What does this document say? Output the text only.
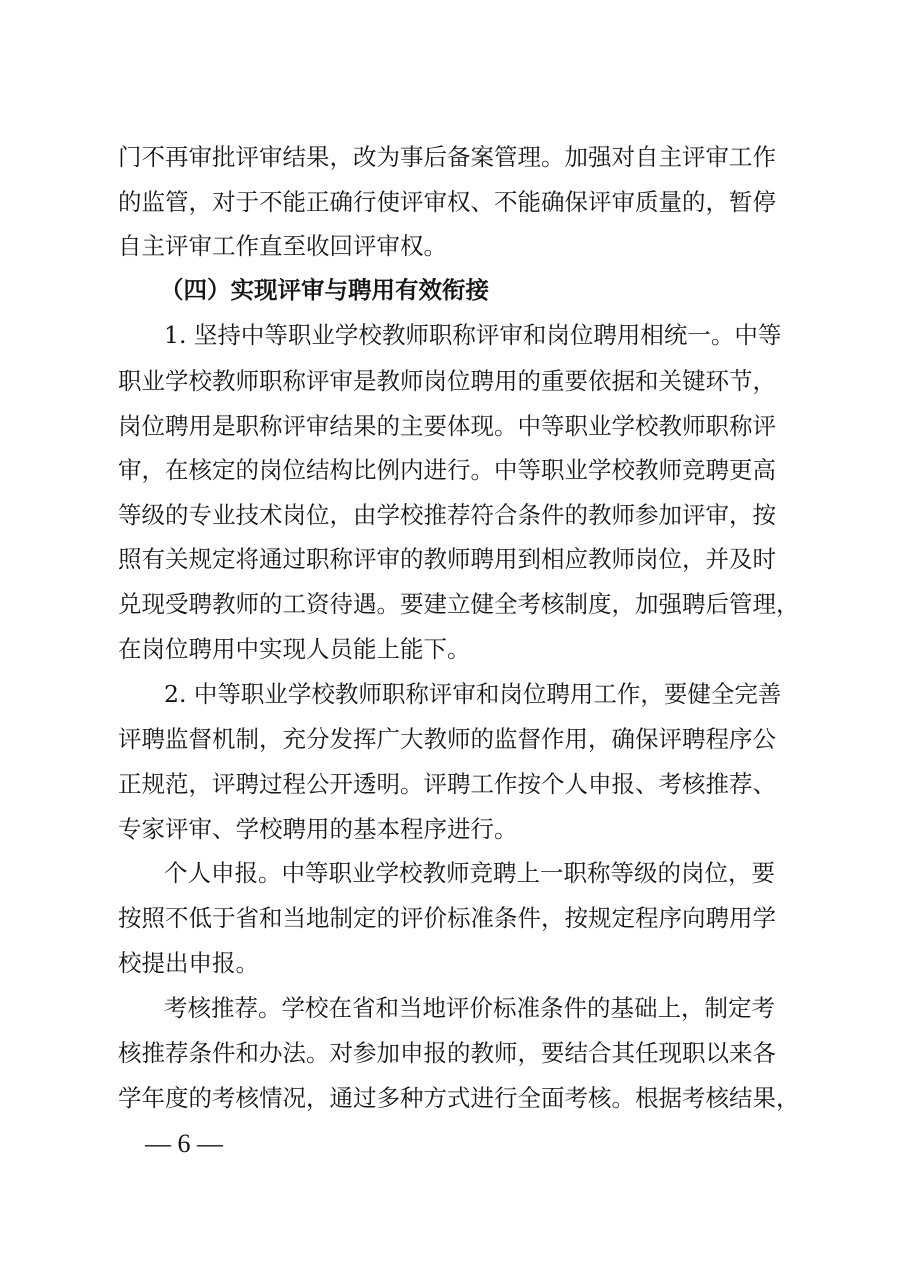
门不再审批评审结果，改为事后备案管理。加强对自主评审工作

的监管，对于不能正确行使评审权、不能确保评审质量的，暂停

自主评审工作直至收回评审权。

（四）实现评审与聘用有效衔接

1. 坚持中等职业学校教师职称评审和岗位聘用相统一。中等

职业学校教师职称评审是教师岗位聘用的重要依据和关键环节，

岗位聘用是职称评审结果的主要体现。中等职业学校教师职称评

审，在核定的岗位结构比例内进行。中等职业学校教师竞聘更高

等级的专业技术岗位，由学校推荐符合条件的教师参加评审，按

照有关规定将通过职称评审的教师聘用到相应教师岗位，并及时

兑现受聘教师的工资待遇。要建立健全考核制度，加强聘后管理，

在岗位聘用中实现人员能上能下。

2. 中等职业学校教师职称评审和岗位聘用工作，要健全完善

评聘监督机制，充分发挥广大教师的监督作用，确保评聘程序公

正规范，评聘过程公开透明。评聘工作按个人申报、考核推荐、

专家评审、学校聘用的基本程序进行。

个人申报。中等职业学校教师竞聘上一职称等级的岗位，要

按照不低于省和当地制定的评价标准条件，按规定程序向聘用学

校提出申报。

考核推荐。学校在省和当地评价标准条件的基础上，制定考

核推荐条件和办法。对参加申报的教师，要结合其任现职以来各

学年度的考核情况，通过多种方式进行全面考核。根据考核结果，

— 6 —
